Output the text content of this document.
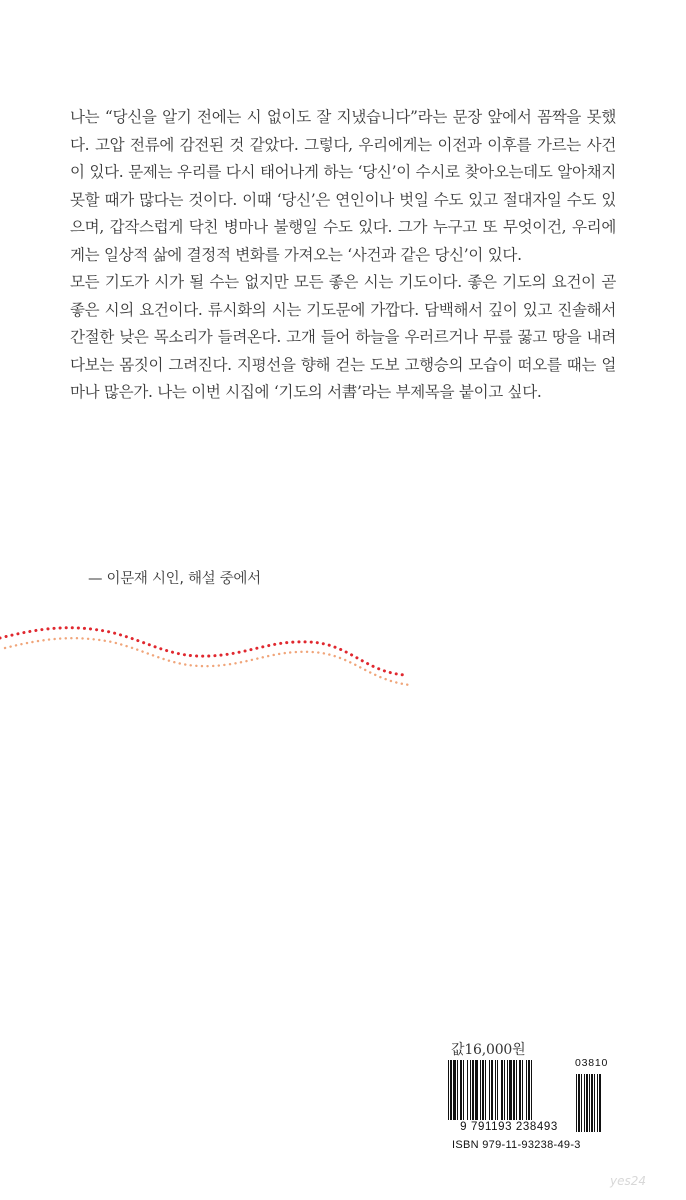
나는 “당신을 알기 전에는 시 없이도 잘 지냈습니다”라는 문장 앞에서 꼼짝을 못했다. 고압 전류에 감전된 것 같았다. 그렇다, 우리에게는 이전과 이후를 가르는 사건이 있다. 문제는 우리를 다시 태어나게 하는 ‘당신’이 수시로 찾아오는데도 알아채지 못할 때가 많다는 것이다. 이때 ‘당신’은 연인이나 벗일 수도 있고 절대자일 수도 있으며, 갑작스럽게 닥친 병마나 불행일 수도 있다. 그가 누구고 또 무엇이건, 우리에게는 일상적 삶에 결정적 변화를 가져오는 ‘사건과 같은 당신’이 있다.

모든 기도가 시가 될 수는 없지만 모든 좋은 시는 기도이다. 좋은 기도의 요건이 곧 좋은 시의 요건이다. 류시화의 시는 기도문에 가깝다. 담백해서 깊이 있고 진솔해서 간절한 낮은 목소리가 들려온다. 고개 들어 하늘을 우러르거나 무릎 꿇고 땅을 내려다보는 몸짓이 그려진다. 지평선을 향해 걷는 도보 고행승의 모습이 떠오를 때는 얼마나 많은가. 나는 이번 시집에 ‘기도의 서書’라는 부제목을 붙이고 싶다.

— 이문재 시인, 해설 중에서
값16,000원
9 791193 238493
03810
ISBN 979-11-93238-49-3
yes24
